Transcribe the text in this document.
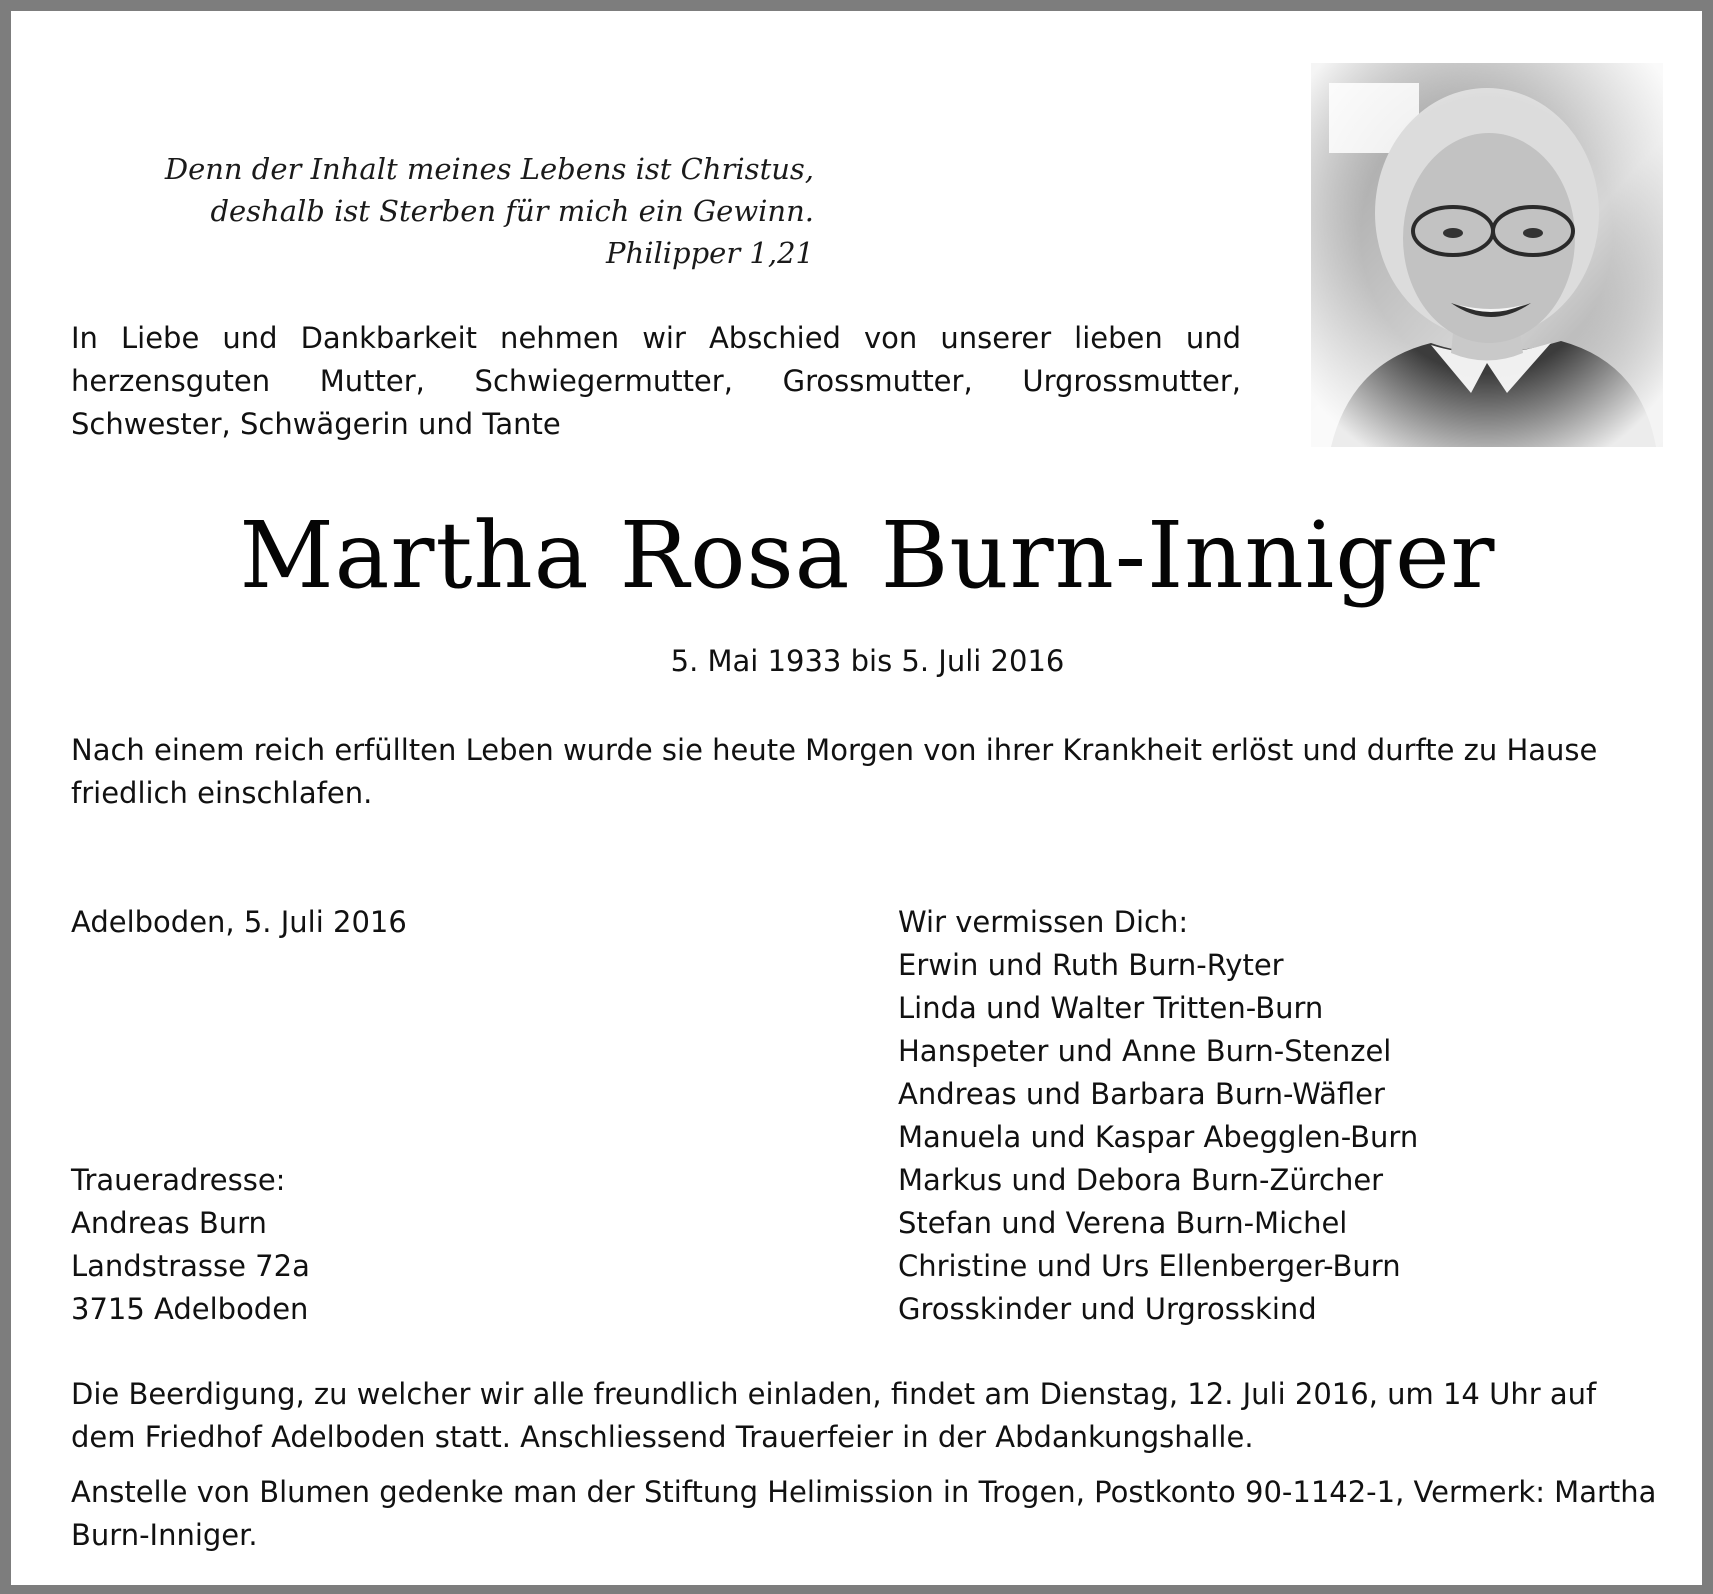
Denn der Inhalt meines Lebens ist Christus,
deshalb ist Sterben für mich ein Gewinn.
Philipper 1,21
In Liebe und Dankbarkeit nehmen wir Abschied von unserer lieben und herzensguten Mutter, Schwiegermutter, Grossmutter, Urgrossmutter, Schwester, Schwägerin und Tante
Martha Rosa Burn-Inniger
5. Mai 1933 bis 5. Juli 2016
Nach einem reich erfüllten Leben wurde sie heute Morgen von ihrer Krankheit erlöst und durfte zu Hause friedlich einschlafen.
Adelboden, 5. Juli 2016
Traueradresse:
Andreas Burn
Landstrasse 72a
3715 Adelboden
Wir vermissen Dich:
Erwin und Ruth Burn-Ryter
Linda und Walter Tritten-Burn
Hanspeter und Anne Burn-Stenzel
Andreas und Barbara Burn-Wäfler
Manuela und Kaspar Abegglen-Burn
Markus und Debora Burn-Zürcher
Stefan und Verena Burn-Michel
Christine und Urs Ellenberger-Burn
Grosskinder und Urgrosskind
Die Beerdigung, zu welcher wir alle freundlich einladen, findet am Dienstag, 12. Juli 2016, um 14 Uhr auf dem Friedhof Adelboden statt. Anschliessend Trauerfeier in der Abdankungshalle.
Anstelle von Blumen gedenke man der Stiftung Helimission in Trogen, Postkonto 90-1142-1, Vermerk: Martha Burn-Inniger.
